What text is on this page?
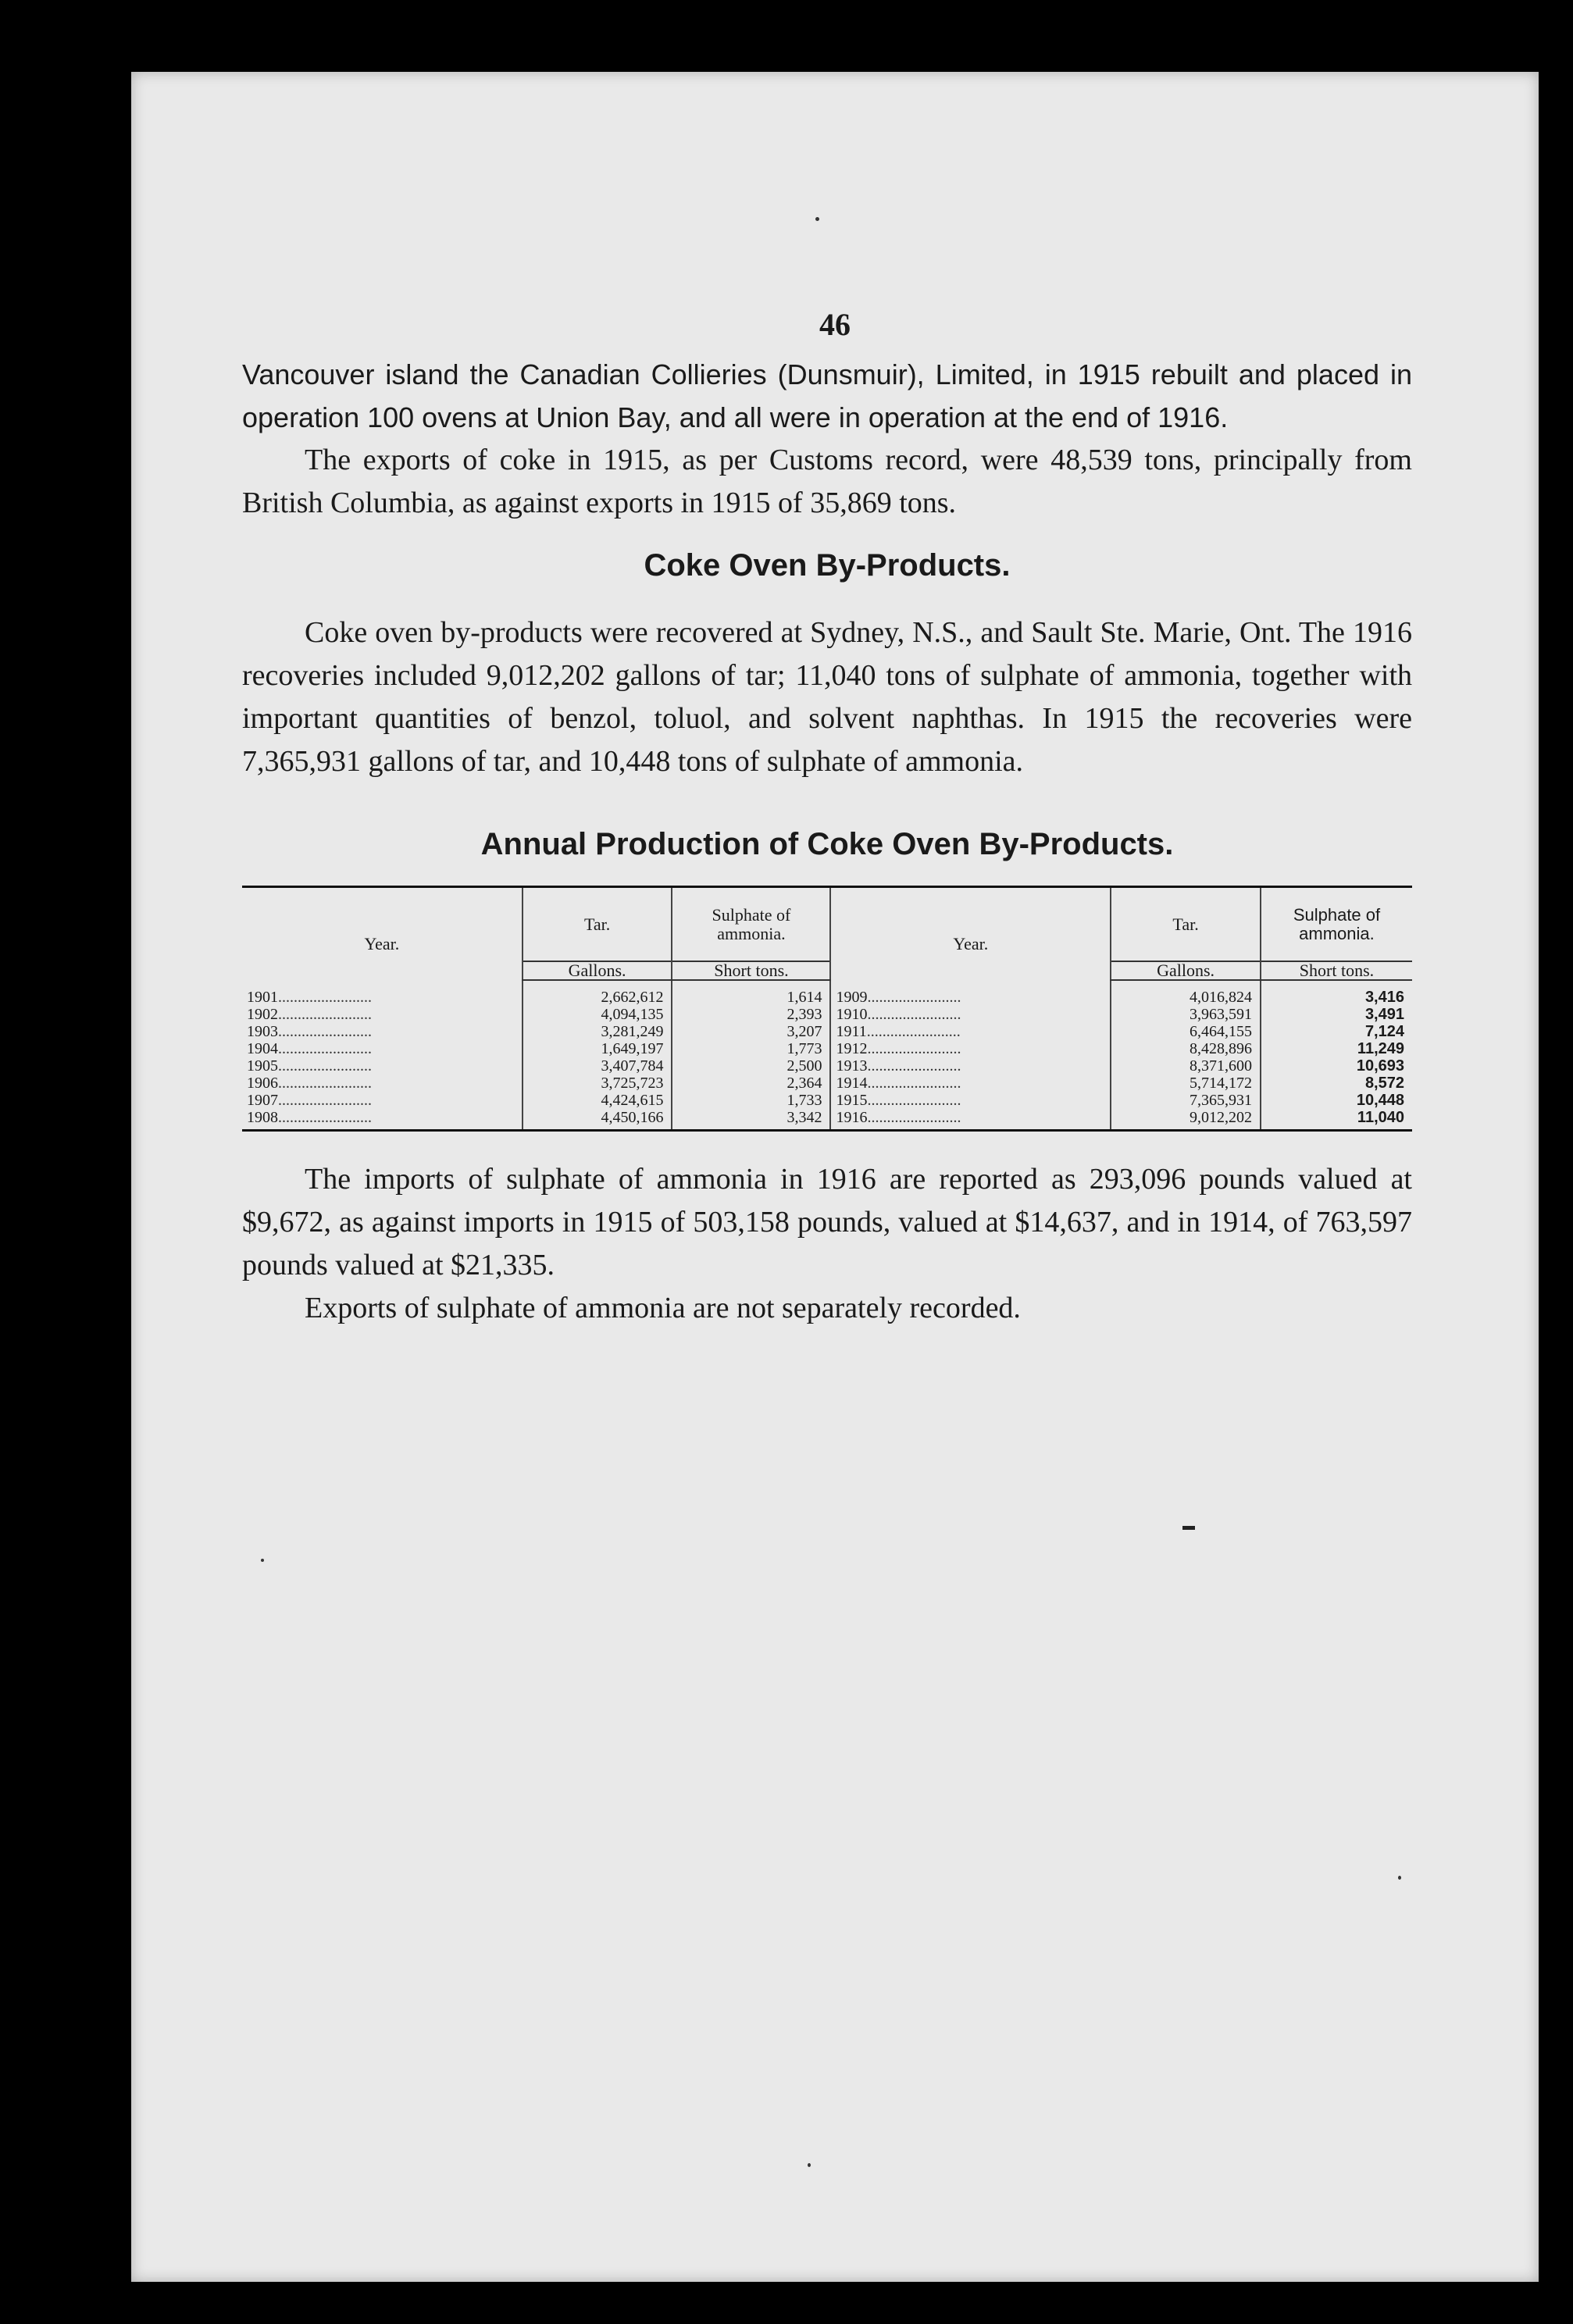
46

Vancouver island the Canadian Collieries (Dunsmuir), Limited, in 1915 rebuilt and placed in operation 100 ovens at Union Bay, and all were in operation at the end of 1916.

The exports of coke in 1915, as per Customs record, were 48,539 tons, principally from British Columbia, as against exports in 1915 of 35,869 tons.

Coke Oven By-Products.

Coke oven by-products were recovered at Sydney, N.S., and Sault Ste. Marie, Ont. The 1916 recoveries included 9,012,202 gallons of tar; 11,040 tons of sulphate of ammonia, together with important quantities of benzol, toluol, and solvent naphthas. In 1915 the recoveries were 7,365,931 gallons of tar, and 10,448 tons of sulphate of ammonia.

Annual Production of Coke Oven By-Products.
Year.	Tar.	Sulphate of ammonia.	Year.	Tar.	Sulphate of ammonia.
	Gallons.	Short tons.		Gallons.	Short tons.
1901........................	2,662,612	1,614	1909........................	4,016,824	3,416
1902........................	4,094,135	2,393	1910........................	3,963,591	3,491
1903........................	3,281,249	3,207	1911........................	6,464,155	7,124
1904........................	1,649,197	1,773	1912........................	8,428,896	11,249
1905........................	3,407,784	2,500	1913........................	8,371,600	10,693
1906........................	3,725,723	2,364	1914........................	5,714,172	8,572
1907........................	4,424,615	1,733	1915........................	7,365,931	10,448
1908........................	4,450,166	3,342	1916........................	9,012,202	11,040

The imports of sulphate of ammonia in 1916 are reported as 293,096 pounds valued at $9,672, as against imports in 1915 of 503,158 pounds, valued at $14,637, and in 1914, of 763,597 pounds valued at $21,335.

Exports of sulphate of ammonia are not separately recorded.
